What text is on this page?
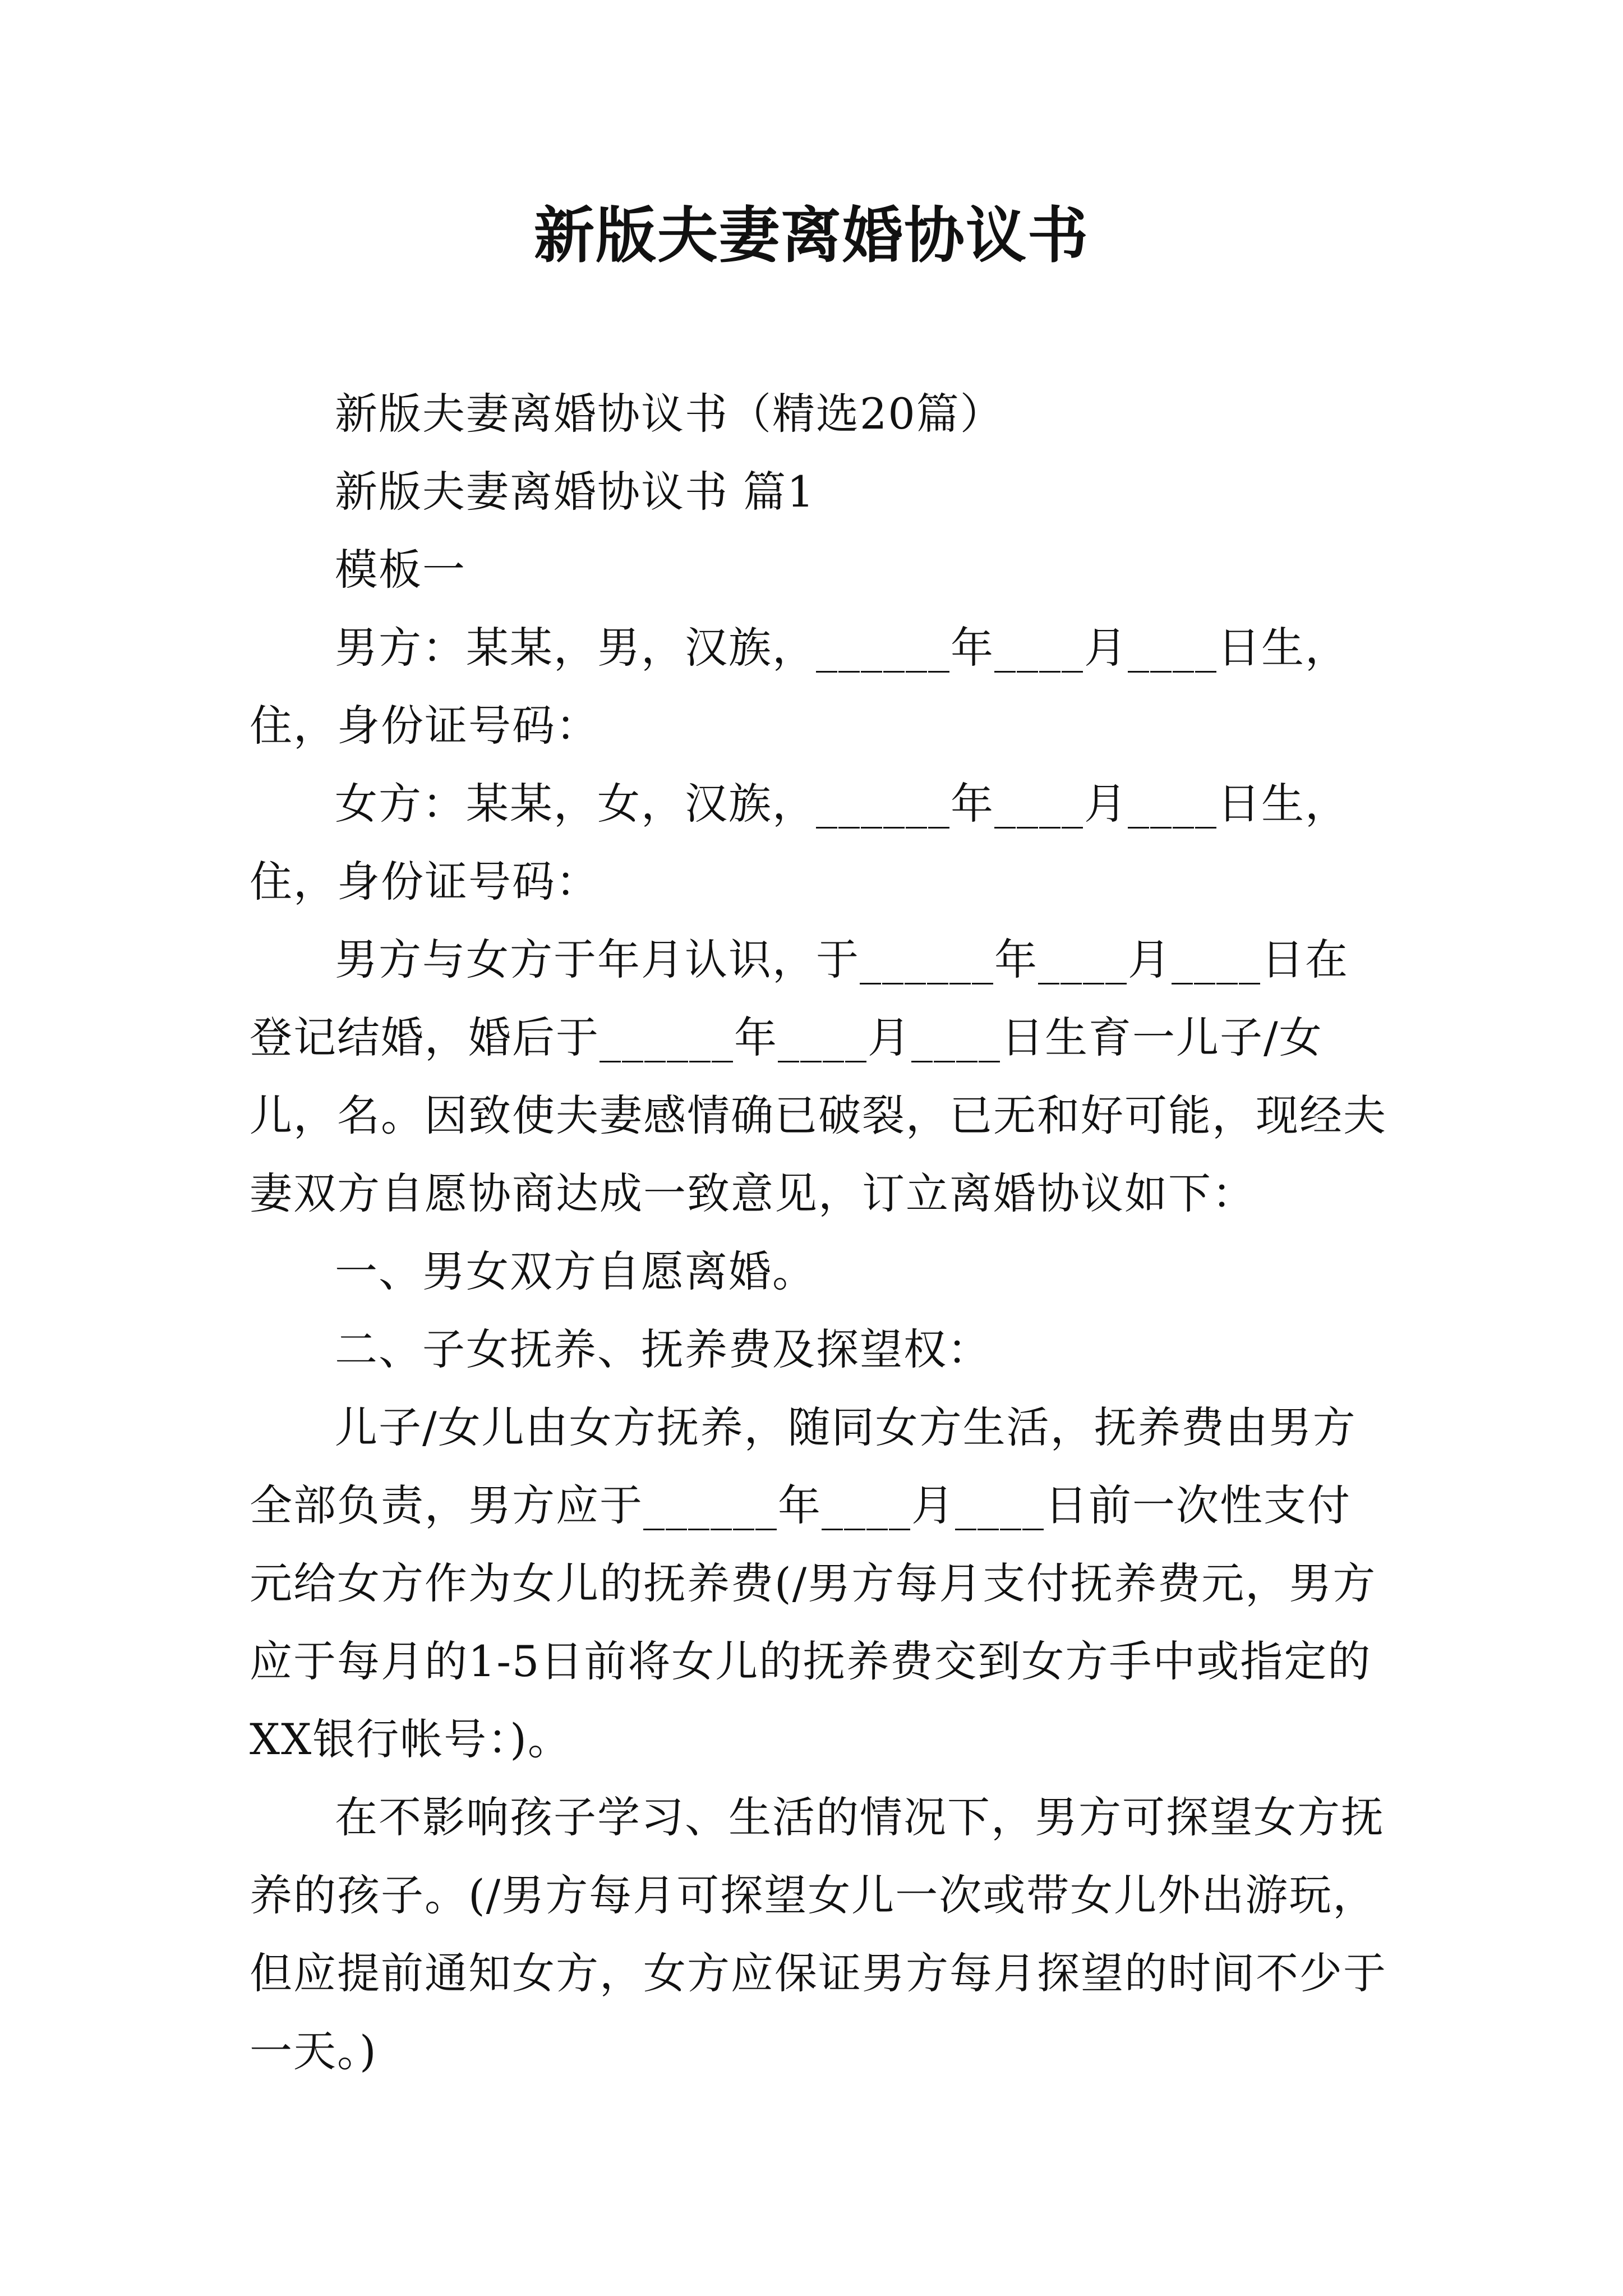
新版夫妻离婚协议书

新版夫妻离婚协议书（精选20篇）

新版夫妻离婚协议书 篇1

模板一

男方：某某，男，汉族，______年____月____日生，住，身份证号码：

女方：某某，女，汉族，______年____月____日生，住，身份证号码：

男方与女方于年月认识，于______年____月____日在登记结婚，婚后于______年____月____日生育一儿子/女儿，名。因致使夫妻感情确已破裂，已无和好可能，现经夫妻双方自愿协商达成一致意见，订立离婚协议如下：

一、男女双方自愿离婚。

二、子女抚养、抚养费及探望权：

儿子/女儿由女方抚养，随同女方生活，抚养费由男方全部负责，男方应于______年____月____日前一次性支付元给女方作为女儿的抚养费(/男方每月支付抚养费元，男方应于每月的1-5日前将女儿的抚养费交到女方手中或指定的XX银行帐号：)。

在不影响孩子学习、生活的情况下，男方可探望女方抚养的孩子。(/男方每月可探望女儿一次或带女儿外出游玩，但应提前通知女方，女方应保证男方每月探望的时间不少于一天。)
